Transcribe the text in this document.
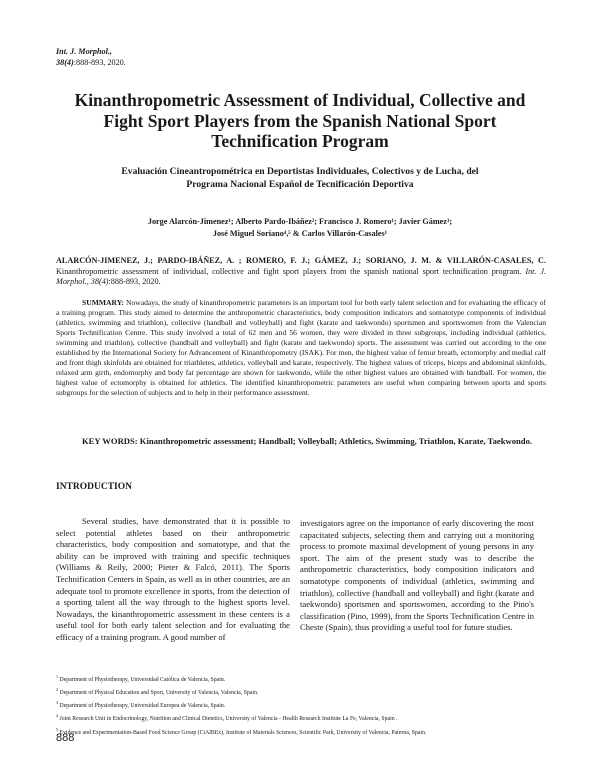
Int. J. Morphol.,
38(4):888-893, 2020.
Kinanthropometric Assessment of Individual, Collective and Fight Sport Players from the Spanish National Sport Technification Program
Evaluación Cineantropométrica en Deportistas Individuales, Colectivos y de Lucha, del Programa Nacional Español de Tecnificación Deportiva
Jorge Alarcón-Jimenez¹; Alberto Pardo-Ibáñez²; Francisco J. Romero¹; Javier Gámez³;
José Miguel Soriano⁴,⁵ & Carlos Villarón-Casales¹

ALARCÓN-JIMENEZ, J.; PARDO-IBÁÑEZ, A. ; ROMERO, F. J.; GÁMEZ, J.; SORIANO, J. M. & VILLARÓN-CASALES, C. Kinanthropometric assessment of individual, collective and fight sport players from the spanish national sport technification program. Int. J. Morphol., 38(4):888-893, 2020.

SUMMARY: Nowadays, the study of kinanthropometric parameters is an important tool for both early talent selection and for evaluating the efficacy of a training program. This study aimed to determine the anthropometric characteristics, body composition indicators and somatotype components of individual (athletics, swimming and triathlon), collective (handball and volleyball) and fight (karate and taekwondo) sportsmen and sportswomen from the Valencian Sports Technification Centre. This study involved a total of 62 men and 56 women, they were divided in three subgroups, including individual (athletics, swimming and triathlon), collective (handball and volleyball) and fight (karate and taekwondo) sports. The assessment was carried out according to the one established by the International Society for Advancement of Kinanthropometry (ISAK). For men, the highest value of femur breath, ectomorphy and medial calf and front thigh skinfolds are obtained for triathletes, athletics, volleyball and karate, respectively. The highest values of triceps, biceps and abdominal skinfolds, relaxed arm girth, endomorphy and body fat percentage are shown for taekwondo, while the other highest values are obtained with handball. For women, the highest value of ectomorphy is obtained for athletics. The identified kinanthropometric parameters are useful when comparing between sports and sports subgroups for the selection of subjects and to help in their performance assessment.

KEY WORDS: Kinanthropometric assessment; Handball; Volleyball; Athletics, Swimming, Triathlon, Karate, Taekwondo.

INTRODUCTION

Several studies, have demonstrated that it is possible to select potential athletes based on their anthropometric characteristics, body composition and somatotype, and that the ability can be improved with training and specific techniques (Williams & Reily, 2000; Pieter & Falcó, 2011). The Sports Technification Centers in Spain, as well as in other countries, are an adequate tool to promote excellence in sports, from the detection of a sporting talent all the way through to the highest sports level. Nowadays, the kinanthropometric assessment in these centers is a useful tool for both early talent selection and for evaluating the efficacy of a training program. A good number of

investigators agree on the importance of early discovering the most capacitated subjects, selecting them and carrying out a monitoring process to promote maximal development of young persons in any sport. The aim of the present study was to describe the anthropometric characteristics, body composition indicators and somatotype components of individual (athletics, swimming and triathlon), collective (handball and volleyball) and fight (karate and taekwondo) sportsmen and sportswomen, according to the Pino's classification (Pino, 1999), from the Sports Technification Centre in Cheste (Spain), thus providing a useful tool for future studies.

$^1$ Department of Physiotherapy, Universidad Católica de Valencia, Spain.
$^2$ Department of Physical Education and Sport, University of Valencia, Valencia, Spain.
$^3$ Department of Physiotherapy, Universidad Europea de Valencia, Spain.
$^4$ Joint Research Unit in Endocrinology, Nutrition and Clinical Dietetics, University of Valencia - Health Research Institute La Fe, Valencia, Spain .
$^5$ Evidence and Experimentation-Based Food Science Group (CiAlBEx), Institute of Materials Sciences, Scientific Park, University of Valencia, Paterna, Spain.
888
